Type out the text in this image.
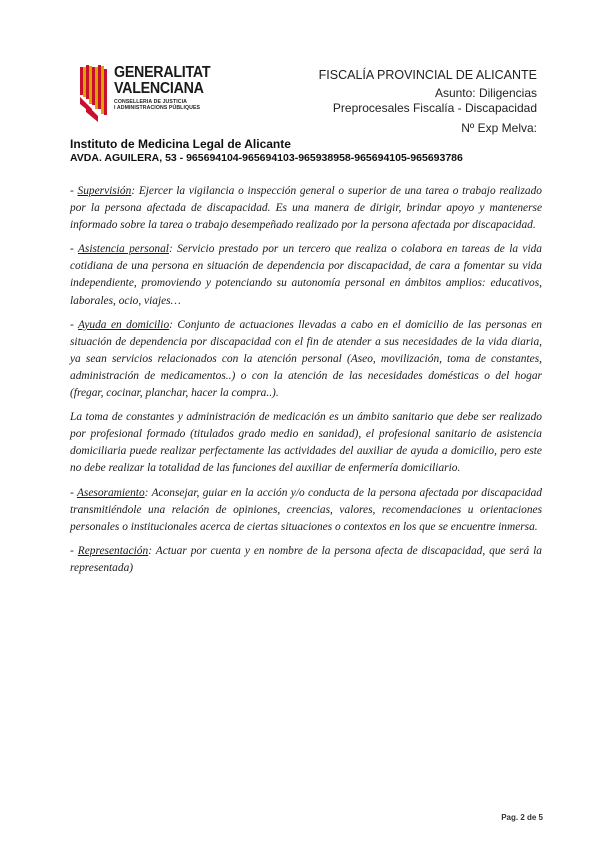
GENERALITAT
VALENCIANA
CONSELLERIA DE JUSTICIA
I ADMINISTRACIONS PÚBLIQUES
FISCALÍA PROVINCIAL DE ALICANTE
Asunto: Diligencias
Preprocesales Fiscalía - Discapacidad
Nº Exp Melva:
Instituto de Medicina Legal de Alicante
AVDA. AGUILERA, 53 - 965694104-965694103-965938958-965694105-965693786

- Supervisión: Ejercer la vigilancia o inspección general o superior de una tarea o trabajo realizado por la persona afectada de discapacidad. Es una manera de dirigir, brindar apoyo y mantenerse informado sobre la tarea o trabajo desempeñado realizado por la persona afectada por discapacidad.

- Asistencia personal: Servicio prestado por un tercero que realiza o colabora en tareas de la vida cotidiana de una persona en situación de dependencia por discapacidad, de cara a fomentar su vida independiente, promoviendo y potenciando su autonomía personal en ámbitos amplios: educativos, laborales, ocio, viajes…

- Ayuda en domicilio: Conjunto de actuaciones llevadas a cabo en el domicilio de las personas en situación de dependencia por discapacidad con el fin de atender a sus necesidades de la vida diaria, ya sean servicios relacionados con la atención personal (Aseo, movilización, toma de constantes, administración de medicamentos..) o con la atención de las necesidades domésticas o del hogar (fregar, cocinar, planchar, hacer la compra..).

La toma de constantes y administración de medicación es un ámbito sanitario que debe ser realizado por profesional formado (titulados grado medio en sanidad), el profesional sanitario de asistencia domiciliaria puede realizar perfectamente las actividades del auxiliar de ayuda a domicilio, pero este no debe realizar la totalidad de las funciones del auxiliar de enfermería domiciliario.

- Asesoramiento: Aconsejar, guiar en la acción y/o conducta de la persona afectada por discapacidad transmitiéndole una relación de opiniones, creencias, valores, recomendaciones u orientaciones personales o institucionales acerca de ciertas situaciones o contextos en los que se encuentre inmersa.

- Representación: Actuar por cuenta y en nombre de la persona afecta de discapacidad, que será la representada)

Pag. 2 de 5
